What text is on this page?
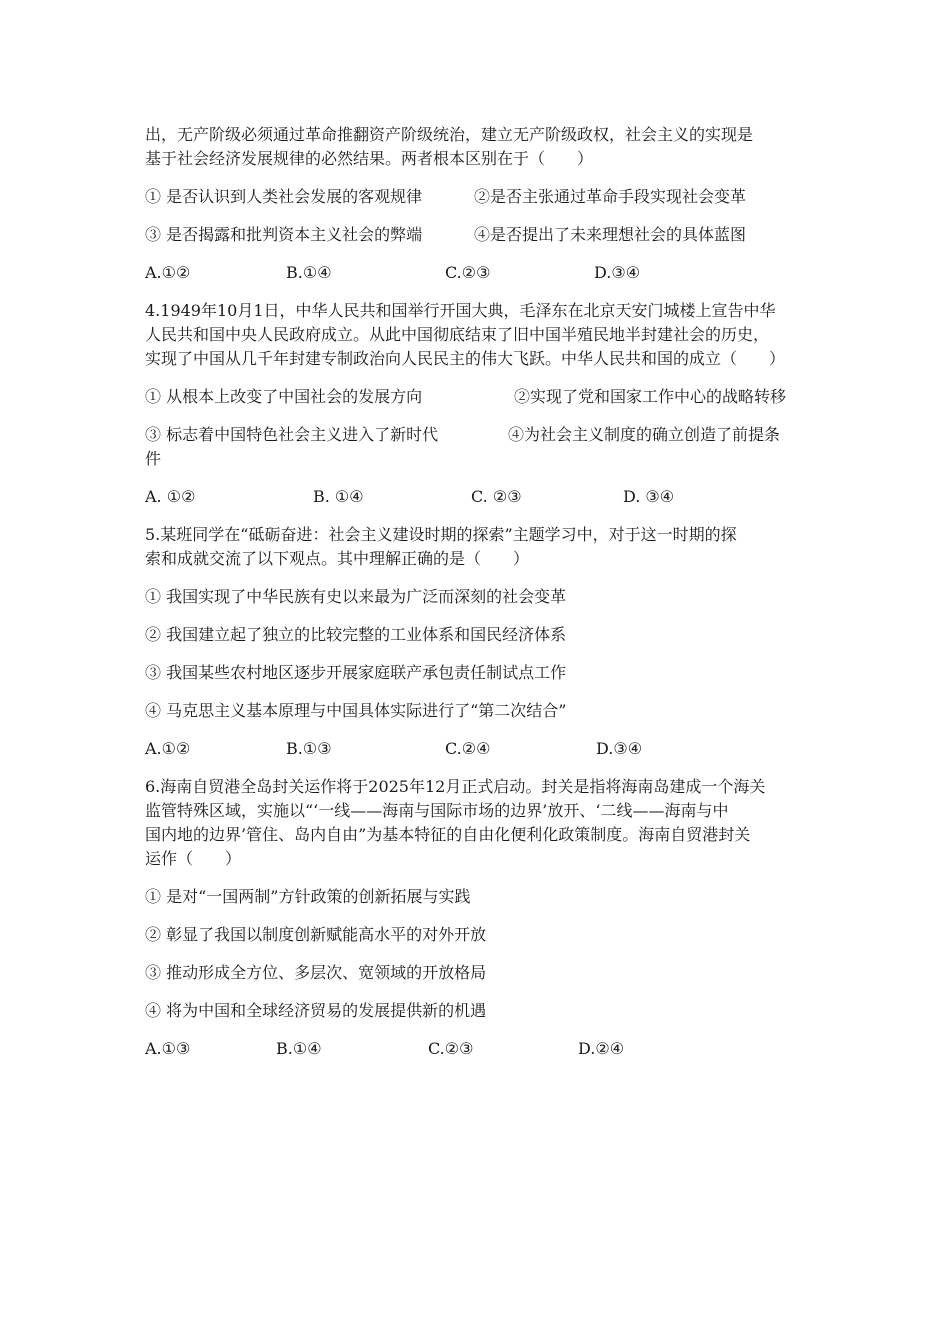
出，无产阶级必须通过革命推翻资产阶级统治，建立无产阶级政权，社会主义的实现是
基于社会经济发展规律的必然结果。两者根本区别在于（　　）
① 是否认识到人类社会发展的客观规律	②是否主张通过革命手段实现社会变革
③ 是否揭露和批判资本主义社会的弊端	④是否提出了未来理想社会的具体蓝图
A.①②	B.①④	C.②③	D.③④
4.1949年10月1日，中华人民共和国举行开国大典，毛泽东在北京天安门城楼上宣告中华
人民共和国中央人民政府成立。从此中国彻底结束了旧中国半殖民地半封建社会的历史，
实现了中国从几千年封建专制政治向人民民主的伟大飞跃。中华人民共和国的成立（　　）
① 从根本上改变了中国社会的发展方向	②实现了党和国家工作中心的战略转移
③ 标志着中国特色社会主义进入了新时代	④为社会主义制度的确立创造了前提条
件
A. ①②	B. ①④	C. ②③	D. ③④
5.某班同学在“砥砺奋进：社会主义建设时期的探索”主题学习中，对于这一时期的探
索和成就交流了以下观点。其中理解正确的是（　　）
① 我国实现了中华民族有史以来最为广泛而深刻的社会变革
② 我国建立起了独立的比较完整的工业体系和国民经济体系
③ 我国某些农村地区逐步开展家庭联产承包责任制试点工作
④ 马克思主义基本原理与中国具体实际进行了“第二次结合”
A.①②	B.①③	C.②④	D.③④
6.海南自贸港全岛封关运作将于2025年12月正式启动。封关是指将海南岛建成一个海关
监管特殊区域，实施以“‘一线——海南与国际市场的边界’放开、‘二线——海南与中
国内地的边界’管住、岛内自由”为基本特征的自由化便利化政策制度。海南自贸港封关
运作（　　）
① 是对“一国两制”方针政策的创新拓展与实践
② 彰显了我国以制度创新赋能高水平的对外开放
③ 推动形成全方位、多层次、宽领域的开放格局
④ 将为中国和全球经济贸易的发展提供新的机遇
A.①③	B.①④	C.②③	D.②④
